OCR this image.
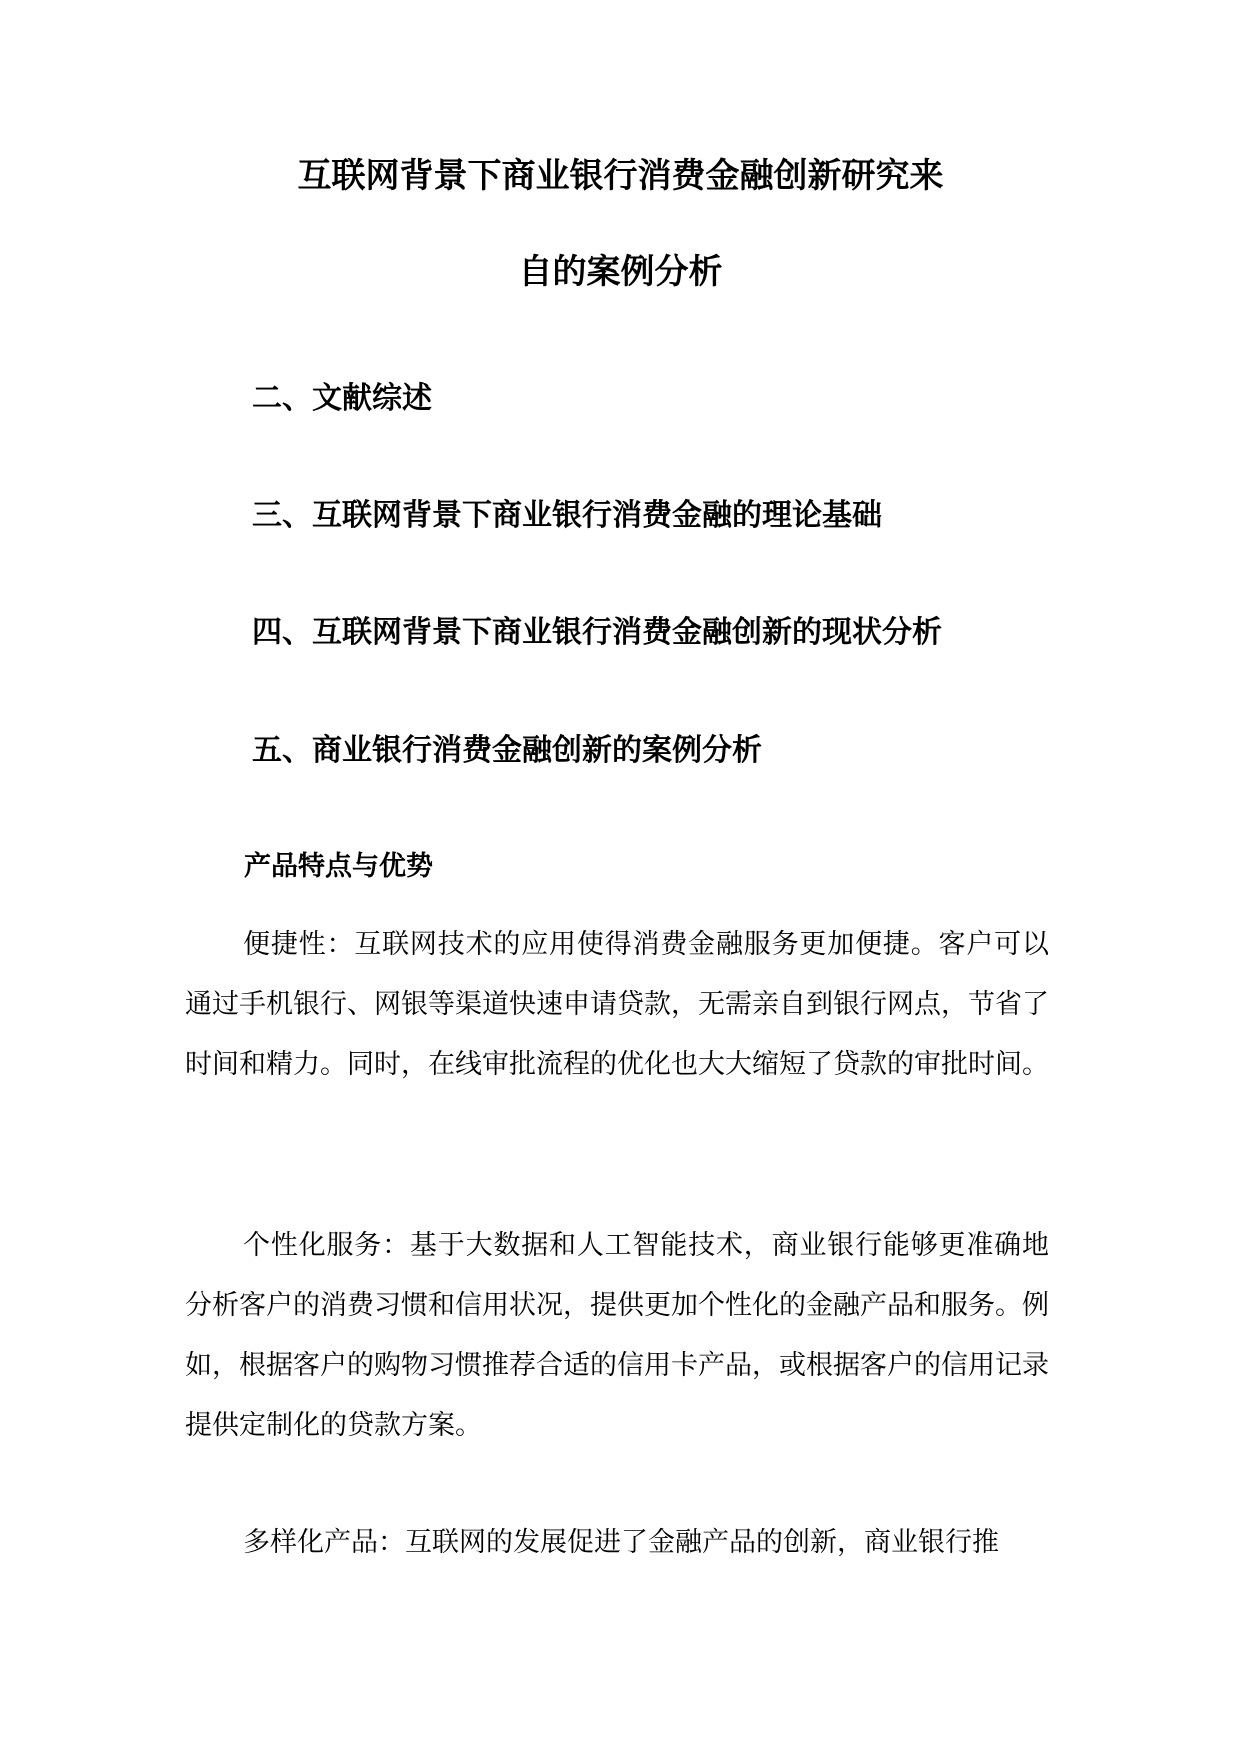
互联网背景下商业银行消费金融创新研究来
自的案例分析
二、文献综述
三、互联网背景下商业银行消费金融的理论基础
四、互联网背景下商业银行消费金融创新的现状分析
五、商业银行消费金融创新的案例分析
产品特点与优势

便捷性：互联网技术的应用使得消费金融服务更加便捷。客户可以通过手机银行、网银等渠道快速申请贷款，无需亲自到银行网点，节省了时间和精力。同时，在线审批流程的优化也大大缩短了贷款的审批时间。

个性化服务：基于大数据和人工智能技术，商业银行能够更准确地分析客户的消费习惯和信用状况，提供更加个性化的金融产品和服务。例如，根据客户的购物习惯推荐合适的信用卡产品，或根据客户的信用记录提供定制化的贷款方案。

多样化产品：互联网的发展促进了金融产品的创新，商业银行推
